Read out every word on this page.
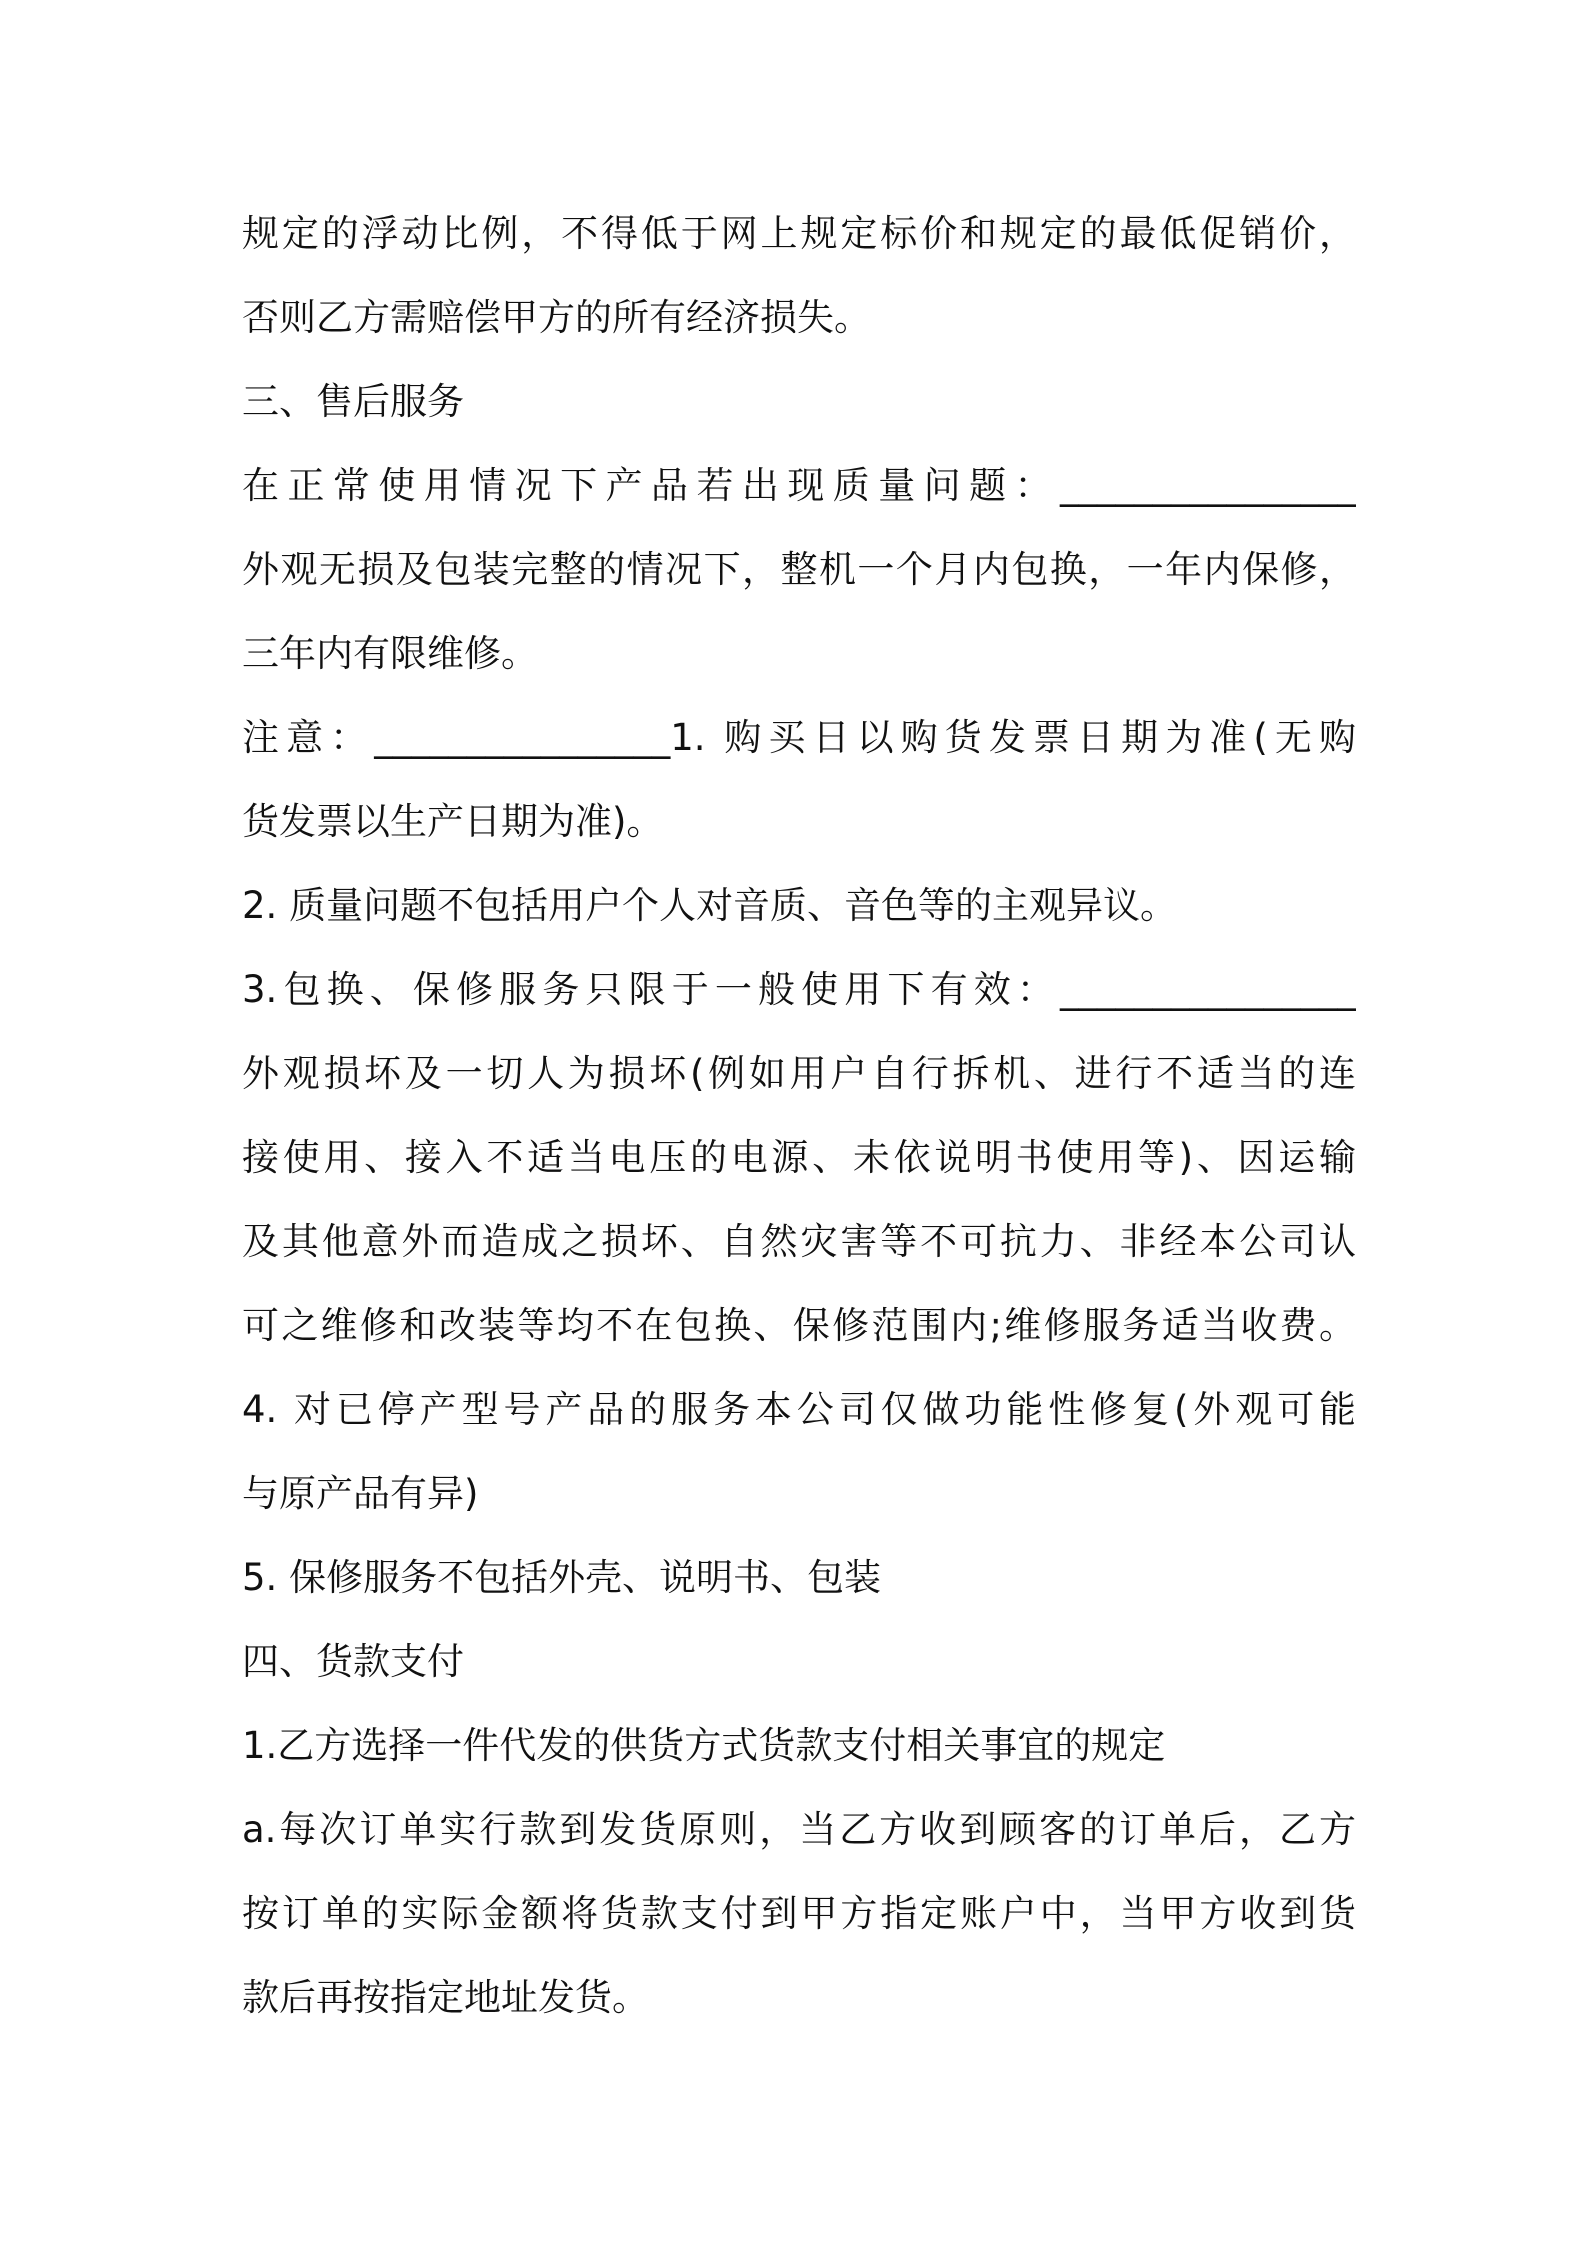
规定的浮动比例，不得低于网上规定标价和规定的最低促销价，
否则乙方需赔偿甲方的所有经济损失。
三、售后服务
在正常使用情况下产品若出现质量问题：________________
外观无损及包装完整的情况下，整机一个月内包换，一年内保修，
三年内有限维修。
注意：________________1. 购买日以购货发票日期为准(无购
货发票以生产日期为准)。
2. 质量问题不包括用户个人对音质、音色等的主观异议。
3.包换、保修服务只限于一般使用下有效：________________
外观损坏及一切人为损坏(例如用户自行拆机、进行不适当的连
接使用、接入不适当电压的电源、未依说明书使用等)、因运输
及其他意外而造成之损坏、自然灾害等不可抗力、非经本公司认
可之维修和改装等均不在包换、保修范围内;维修服务适当收费。
4. 对已停产型号产品的服务本公司仅做功能性修复(外观可能
与原产品有异)
5. 保修服务不包括外壳、说明书、包装
四、货款支付
1.乙方选择一件代发的供货方式货款支付相关事宜的规定
a.每次订单实行款到发货原则，当乙方收到顾客的订单后，乙方
按订单的实际金额将货款支付到甲方指定账户中，当甲方收到货
款后再按指定地址发货。
